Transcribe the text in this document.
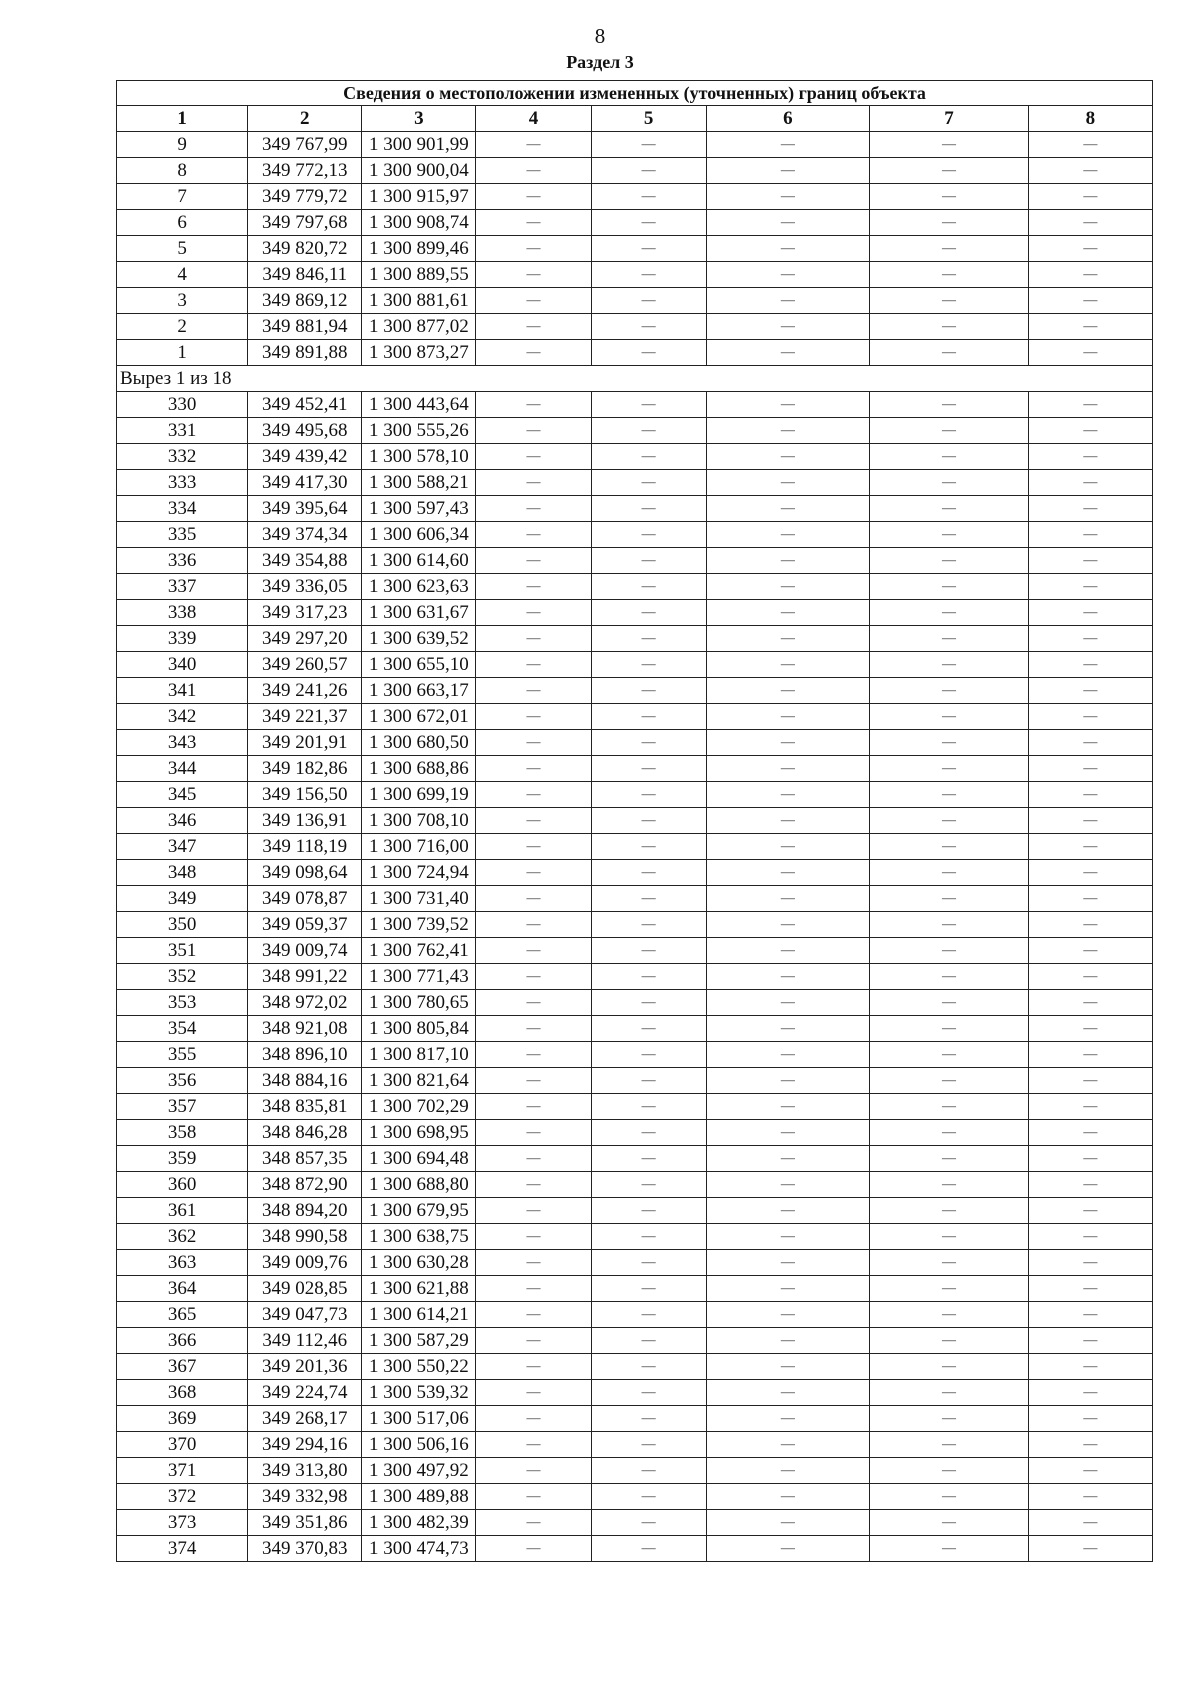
8
Раздел 3
Сведения о местоположении измененных (уточненных) границ объекта							
1	2	3	4	5	6	7	8
9	349 767,99	1 300 901,99	—	—	—	—	—
8	349 772,13	1 300 900,04	—	—	—	—	—
7	349 779,72	1 300 915,97	—	—	—	—	—
6	349 797,68	1 300 908,74	—	—	—	—	—
5	349 820,72	1 300 899,46	—	—	—	—	—
4	349 846,11	1 300 889,55	—	—	—	—	—
3	349 869,12	1 300 881,61	—	—	—	—	—
2	349 881,94	1 300 877,02	—	—	—	—	—
1	349 891,88	1 300 873,27	—	—	—	—	—
Вырез 1 из 18							
330	349 452,41	1 300 443,64	—	—	—	—	—
331	349 495,68	1 300 555,26	—	—	—	—	—
332	349 439,42	1 300 578,10	—	—	—	—	—
333	349 417,30	1 300 588,21	—	—	—	—	—
334	349 395,64	1 300 597,43	—	—	—	—	—
335	349 374,34	1 300 606,34	—	—	—	—	—
336	349 354,88	1 300 614,60	—	—	—	—	—
337	349 336,05	1 300 623,63	—	—	—	—	—
338	349 317,23	1 300 631,67	—	—	—	—	—
339	349 297,20	1 300 639,52	—	—	—	—	—
340	349 260,57	1 300 655,10	—	—	—	—	—
341	349 241,26	1 300 663,17	—	—	—	—	—
342	349 221,37	1 300 672,01	—	—	—	—	—
343	349 201,91	1 300 680,50	—	—	—	—	—
344	349 182,86	1 300 688,86	—	—	—	—	—
345	349 156,50	1 300 699,19	—	—	—	—	—
346	349 136,91	1 300 708,10	—	—	—	—	—
347	349 118,19	1 300 716,00	—	—	—	—	—
348	349 098,64	1 300 724,94	—	—	—	—	—
349	349 078,87	1 300 731,40	—	—	—	—	—
350	349 059,37	1 300 739,52	—	—	—	—	—
351	349 009,74	1 300 762,41	—	—	—	—	—
352	348 991,22	1 300 771,43	—	—	—	—	—
353	348 972,02	1 300 780,65	—	—	—	—	—
354	348 921,08	1 300 805,84	—	—	—	—	—
355	348 896,10	1 300 817,10	—	—	—	—	—
356	348 884,16	1 300 821,64	—	—	—	—	—
357	348 835,81	1 300 702,29	—	—	—	—	—
358	348 846,28	1 300 698,95	—	—	—	—	—
359	348 857,35	1 300 694,48	—	—	—	—	—
360	348 872,90	1 300 688,80	—	—	—	—	—
361	348 894,20	1 300 679,95	—	—	—	—	—
362	348 990,58	1 300 638,75	—	—	—	—	—
363	349 009,76	1 300 630,28	—	—	—	—	—
364	349 028,85	1 300 621,88	—	—	—	—	—
365	349 047,73	1 300 614,21	—	—	—	—	—
366	349 112,46	1 300 587,29	—	—	—	—	—
367	349 201,36	1 300 550,22	—	—	—	—	—
368	349 224,74	1 300 539,32	—	—	—	—	—
369	349 268,17	1 300 517,06	—	—	—	—	—
370	349 294,16	1 300 506,16	—	—	—	—	—
371	349 313,80	1 300 497,92	—	—	—	—	—
372	349 332,98	1 300 489,88	—	—	—	—	—
373	349 351,86	1 300 482,39	—	—	—	—	—
374	349 370,83	1 300 474,73	—	—	—	—	—
